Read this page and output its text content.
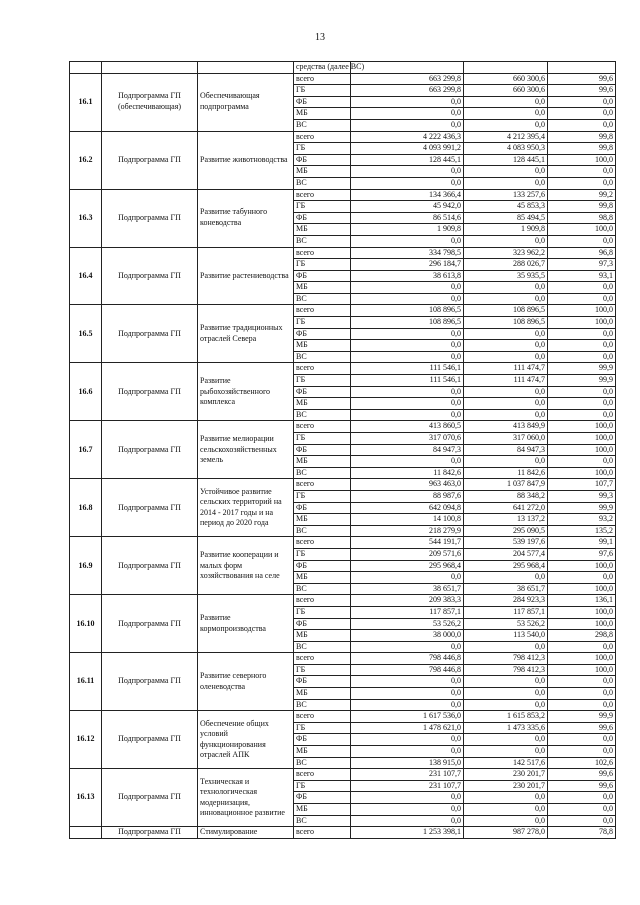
13
			средства (далее ВС)			
16.1	Подпрограмма ГП (обеспечивающая)	Обеспечивающая подпрограмма	всего	663 299,8	660 300,6	99,6
			ГБ	663 299,8	660 300,6	99,6
			ФБ	0,0	0,0	0,0
			МБ	0,0	0,0	0,0
			ВС	0,0	0,0	0,0
16.2	Подпрограмма ГП	Развитие животноводства	всего	4 222 436,3	4 212 395,4	99,8
			ГБ	4 093 991,2	4 083 950,3	99,8
			ФБ	128 445,1	128 445,1	100,0
			МБ	0,0	0,0	0,0
			ВС	0,0	0,0	0,0
16.3	Подпрограмма ГП	Развитие табунного коневодства	всего	134 366,4	133 257,6	99,2
			ГБ	45 942,0	45 853,3	99,8
			ФБ	86 514,6	85 494,5	98,8
			МБ	1 909,8	1 909,8	100,0
			ВС	0,0	0,0	0,0
16.4	Подпрограмма ГП	Развитие растениеводства	всего	334 798,5	323 962,2	96,8
			ГБ	296 184,7	288 026,7	97,3
			ФБ	38 613,8	35 935,5	93,1
			МБ	0,0	0,0	0,0
			ВС	0,0	0,0	0,0
16.5	Подпрограмма ГП	Развитие традиционных отраслей Севера	всего	108 896,5	108 896,5	100,0
			ГБ	108 896,5	108 896,5	100,0
			ФБ	0,0	0,0	0,0
			МБ	0,0	0,0	0,0
			ВС	0,0	0,0	0,0
16.6	Подпрограмма ГП	Развитие рыбохозяйственного комплекса	всего	111 546,1	111 474,7	99,9
			ГБ	111 546,1	111 474,7	99,9
			ФБ	0,0	0,0	0,0
			МБ	0,0	0,0	0,0
			ВС	0,0	0,0	0,0
16.7	Подпрограмма ГП	Развитие мелиорации сельскохозяйственных земель	всего	413 860,5	413 849,9	100,0
			ГБ	317 070,6	317 060,0	100,0
			ФБ	84 947,3	84 947,3	100,0
			МБ	0,0	0,0	0,0
			ВС	11 842,6	11 842,6	100,0
16.8	Подпрограмма ГП	Устойчивое развитие сельских территорий на 2014 - 2017 годы и на период до 2020 года	всего	963 463,0	1 037 847,9	107,7
			ГБ	88 987,6	88 348,2	99,3
			ФБ	642 094,8	641 272,0	99,9
			МБ	14 100,8	13 137,2	93,2
			ВС	218 279,9	295 090,5	135,2
16.9	Подпрограмма ГП	Развитие кооперации и малых форм хозяйствования на селе	всего	544 191,7	539 197,6	99,1
			ГБ	209 571,6	204 577,4	97,6
			ФБ	295 968,4	295 968,4	100,0
			МБ	0,0	0,0	0,0
			ВС	38 651,7	38 651,7	100,0
16.10	Подпрограмма ГП	Развитие кормопроизводства	всего	209 383,3	284 923,3	136,1
			ГБ	117 857,1	117 857,1	100,0
			ФБ	53 526,2	53 526,2	100,0
			МБ	38 000,0	113 540,0	298,8
			ВС	0,0	0,0	0,0
16.11	Подпрограмма ГП	Развитие северного оленеводства	всего	798 446,8	798 412,3	100,0
			ГБ	798 446,8	798 412,3	100,0
			ФБ	0,0	0,0	0,0
			МБ	0,0	0,0	0,0
			ВС	0,0	0,0	0,0
16.12	Подпрограмма ГП	Обеспечение общих условий функционирования отраслей АПК	всего	1 617 536,0	1 615 853,2	99,9
			ГБ	1 478 621,0	1 473 335,6	99,6
			ФБ	0,0	0,0	0,0
			МБ	0,0	0,0	0,0
			ВС	138 915,0	142 517,6	102,6
16.13	Подпрограмма ГП	Техническая и технологическая модернизация, инновационное развитие	всего	231 107,7	230 201,7	99,6
			ГБ	231 107,7	230 201,7	99,6
			ФБ	0,0	0,0	0,0
			МБ	0,0	0,0	0,0
			ВС	0,0	0,0	0,0
	Подпрограмма ГП	Стимулирование	всего	1 253 398,1	987 278,0	78,8
